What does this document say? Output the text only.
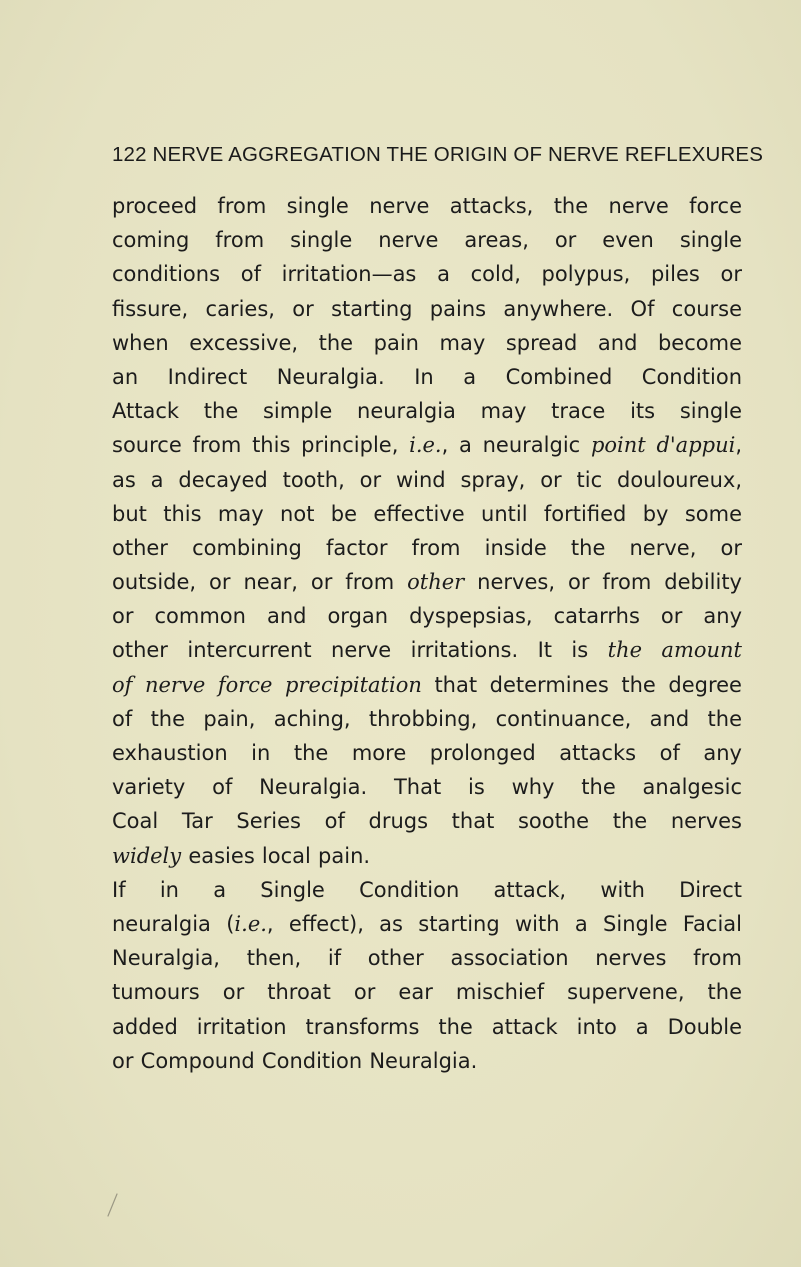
122 NERVE AGGREGATION THE ORIGIN OF NERVE REFLEXURES
proceed from single nerve attacks, the nerve force
coming from single nerve areas, or even single
conditions of irritation—as a cold, polypus, piles or
fissure, caries, or starting pains anywhere. Of course
when excessive, the pain may spread and become
an Indirect Neuralgia. In a Combined Condition
Attack the simple neuralgia may trace its single
source from this principle, i.e., a neuralgic point d'appui,
as a decayed tooth, or wind spray, or tic douloureux,
but this may not be effective until fortified by some
other combining factor from inside the nerve, or
outside, or near, or from other nerves, or from debility
or common and organ dyspepsias, catarrhs or any
other intercurrent nerve irritations. It is the amount
of nerve force precipitation that determines the degree
of the pain, aching, throbbing, continuance, and the
exhaustion in the more prolonged attacks of any
variety of Neuralgia. That is why the analgesic
Coal Tar Series of drugs that soothe the nerves
widely easies local pain.
If in a Single Condition attack, with Direct
neuralgia (i.e., effect), as starting with a Single Facial
Neuralgia, then, if other association nerves from
tumours or throat or ear mischief supervene, the
added irritation transforms the attack into a Double
or Compound Condition Neuralgia.
